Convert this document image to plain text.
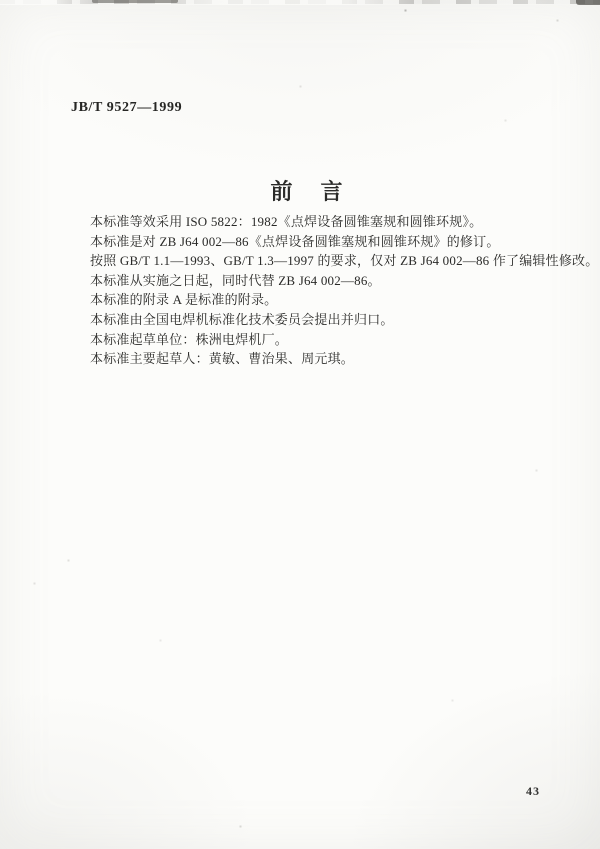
JB/T 9527—1999
前　言

本标准等效采用 ISO 5822：1982《点焊设备圆锥塞规和圆锥环规》。

本标准是对 ZB J64 002—86《点焊设备圆锥塞规和圆锥环规》的修订。

按照 GB/T 1.1—1993、GB/T 1.3—1997 的要求，仅对 ZB J64 002—86 作了编辑性修改。

本标准从实施之日起，同时代替 ZB J64 002—86。

本标准的附录 A 是标准的附录。

本标准由全国电焊机标准化技术委员会提出并归口。

本标准起草单位：株洲电焊机厂。

本标准主要起草人：黄敏、曹治果、周元琪。

43
